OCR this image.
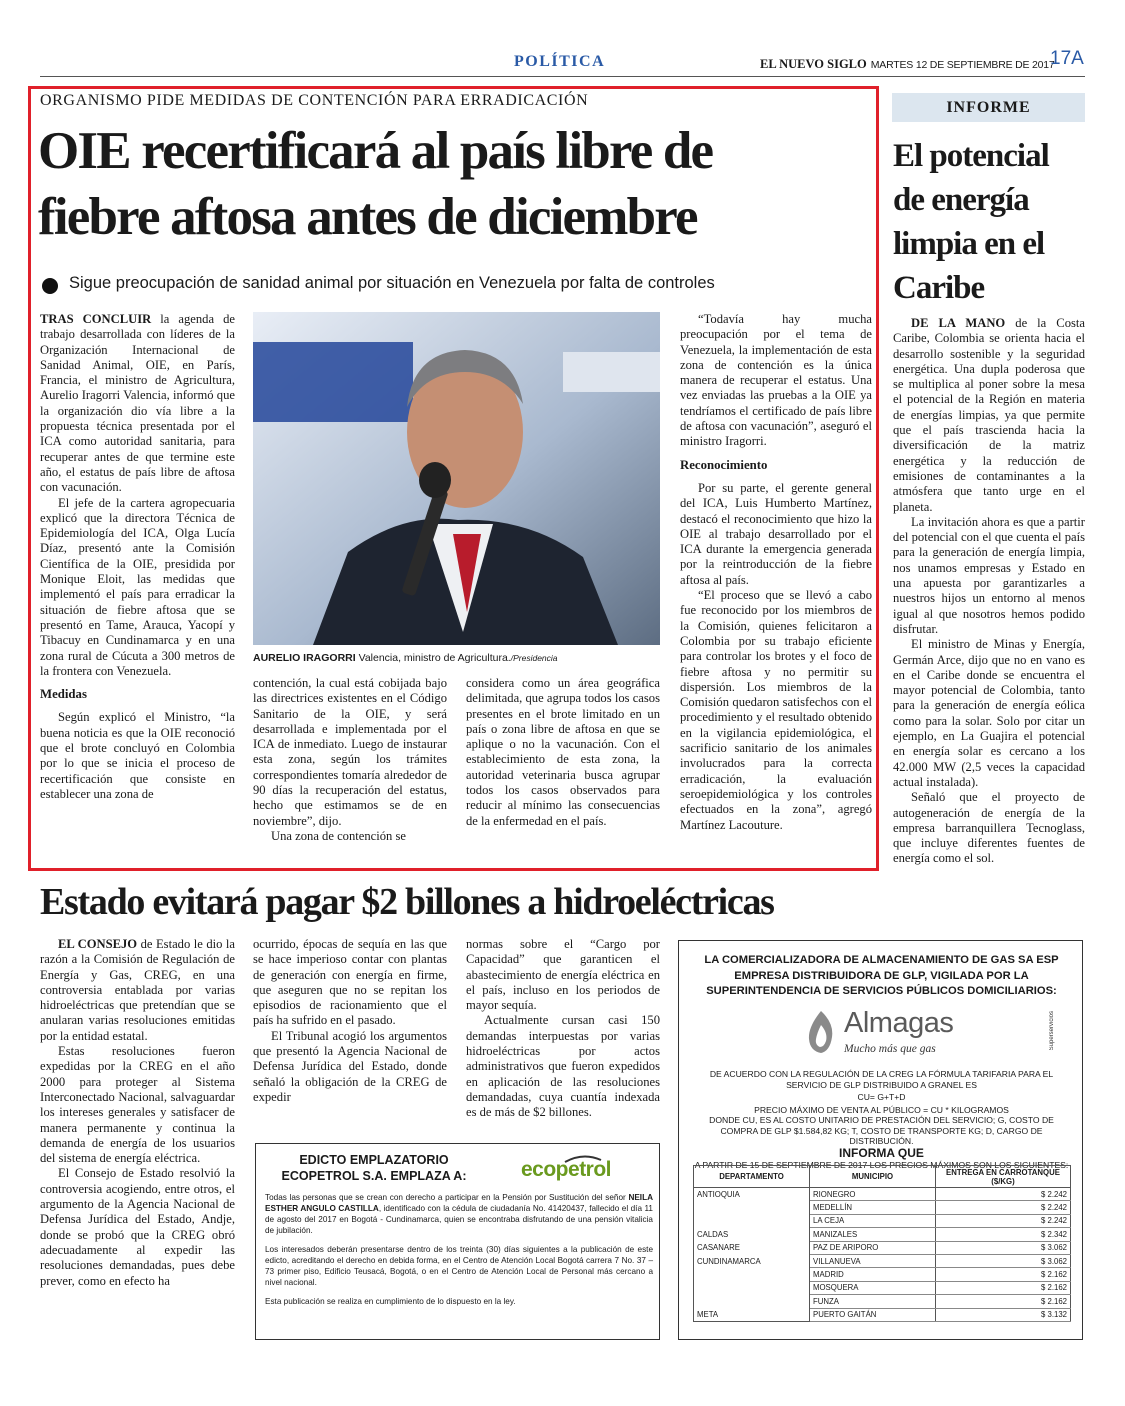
POLÍTICA	EL NUEVO SIGLO MARTES 12 DE SEPTIEMBRE DE 2017
17A
ORGANISMO PIDE MEDIDAS DE CONTENCIÓN PARA ERRADICACIÓN
OIE recertificará al país libre de
fiebre aftosa antes de diciembre
Sigue preocupación de sanidad animal por situación en Venezuela por falta de controles

TRAS CONCLUIR la agenda de trabajo desarrollada con líderes de la Organización Internacional de Sanidad Animal, OIE, en París, Francia, el ministro de Agricultura, Aurelio Iragorri Valencia, informó que la organización dio vía libre a la propuesta técnica presentada por el ICA como autoridad sanitaria, para recuperar antes de que termine este año, el estatus de país libre de aftosa con vacunación.

El jefe de la cartera agropecuaria explicó que la directora Técnica de Epidemiología del ICA, Olga Lucía Díaz, presentó ante la Comisión Científica de la OIE, presidida por Monique Eloit, las medidas que implementó el país para erradicar la situación de fiebre aftosa que se presentó en Tame, Arauca, Yacopí y Tibacuy en Cundinamarca y en una zona rural de Cúcuta a 300 metros de la frontera con Venezuela.

Medidas

Según explicó el Ministro, “la buena noticia es que la OIE reconoció que el brote concluyó en Colombia por lo que se inicia el proceso de recertificación que consiste en establecer una zona de

AURELIO IRAGORRI Valencia, ministro de Agricultura./Presidencia

contención, la cual está cobijada bajo las directrices existentes en el Código Sanitario de la OIE, y será desarrollada e implementada por el ICA de inmediato. Luego de instaurar esta zona, según los trámites correspondientes tomaría alrededor de 90 días la recuperación del estatus, hecho que estimamos se de en noviembre”, dijo.

Una zona de contención se

considera como un área geográfica delimitada, que agrupa todos los casos presentes en el brote limitado en un país o zona libre de aftosa en que se aplique o no la vacunación. Con el establecimiento de esta zona, la autoridad veterinaria busca agrupar todos los casos observados para reducir al mínimo las consecuencias de la enfermedad en el país.

“Todavía hay mucha preocupación por el tema de Venezuela, la implementación de esta zona de contención es la única manera de recuperar el estatus. Una vez enviadas las pruebas a la OIE ya tendríamos el certificado de país libre de aftosa con vacunación”, aseguró el ministro Iragorri.

Reconocimiento

Por su parte, el gerente general del ICA, Luis Humberto Martínez, destacó el reconocimiento que hizo la OIE al trabajo desarrollado por el ICA durante la emergencia generada por la reintroducción de la fiebre aftosa al país.

“El proceso que se llevó a cabo fue reconocido por los miembros de la Comisión, quienes felicitaron a Colombia por su trabajo eficiente para controlar los brotes y el foco de fiebre aftosa y no permitir su dispersión. Los miembros de la Comisión quedaron satisfechos con el procedimiento y el resultado obtenido en la vigilancia epidemiológica, el sacrificio sanitario de los animales involucrados para la correcta erradicación, la evaluación seroepidemiológica y los controles efectuados en la zona”, agregó Martínez Lacouture.

INFORME
El potencial de energía limpia en el Caribe

DE LA MANO de la Costa Caribe, Colombia se orienta hacia el desarrollo sostenible y la seguridad energética. Una dupla poderosa que se multiplica al poner sobre la mesa el potencial de la Región en materia de energías limpias, ya que permite que el país trascienda hacia la diversificación de la matriz energética y la reducción de emisiones de contaminantes a la atmósfera que tanto urge en el planeta.

La invitación ahora es que a partir del potencial con el que cuenta el país para la generación de energía limpia, nos unamos empresas y Estado en una apuesta por garantizarles a nuestros hijos un entorno al menos igual al que nosotros hemos podido disfrutar.

El ministro de Minas y Energía, Germán Arce, dijo que no en vano es en el Caribe donde se encuentra el mayor potencial de Colombia, tanto para la generación de energía eólica como para la solar. Solo por citar un ejemplo, en La Guajira el potencial en energía solar es cercano a los 42.000 MW (2,5 veces la capacidad actual instalada).

Señaló que el proyecto de autogeneración de energía de la empresa barranquillera Tecnoglass, que incluye diferentes fuentes de energía como el sol.

Estado evitará pagar $2 billones a hidroeléctricas

EL CONSEJO de Estado le dio la razón a la Comisión de Regulación de Energía y Gas, CREG, en una controversia entablada por varias hidroeléctricas que pretendían que se anularan varias resoluciones emitidas por la entidad estatal.

Estas resoluciones fueron expedidas por la CREG en el año 2000 para proteger al Sistema Interconectado Nacional, salvaguardar los intereses generales y satisfacer de manera permanente y continua la demanda de energía de los usuarios del sistema de energía eléctrica.

El Consejo de Estado resolvió la controversia acogiendo, entre otros, el argumento de la Agencia Nacional de Defensa Jurídica del Estado, Andje, donde se probó que la CREG obró adecuadamente al expedir las resoluciones demandadas, pues debe prever, como en efecto ha

ocurrido, épocas de sequía en las que se hace imperioso contar con plantas de generación con energía en firme, que aseguren que no se repitan los episodios de racionamiento que el país ha sufrido en el pasado.

El Tribunal acogió los argumentos que presentó la Agencia Nacional de Defensa Jurídica del Estado, donde señaló la obligación de la CREG de expedir

normas sobre el “Cargo por Capacidad” que garanticen el abastecimiento de energía eléctrica en el país, incluso en los periodos de mayor sequía.

Actualmente cursan casi 150 demandas interpuestas por varias hidroeléctricas por actos administrativos que fueron expedidos en aplicación de las resoluciones demandadas, cuya cuantía indexada es de más de $2 billones.

EDICTO EMPLAZATORIO
ECOPETROL S.A. EMPLAZA A:	ecopetrol

Todas las personas que se crean con derecho a participar en la Pensión por Sustitución del señor NEILA ESTHER ANGULO CASTILLA, identificado con la cédula de ciudadanía No. 41420437, fallecido el día 11 de agosto del 2017 en Bogotá - Cundinamarca, quien se encontraba disfrutando de una pensión vitalicia de jubilación.

Los interesados deberán presentarse dentro de los treinta (30) días siguientes a la publicación de este edicto, acreditando el derecho en debida forma, en el Centro de Atención Local Bogotá carrera 7 No. 37 – 73 primer piso, Edificio Teusacá, Bogotá, o en el Centro de Atención Local de Personal más cercano a nivel nacional.

Esta publicación se realiza en cumplimiento de lo dispuesto en la ley.

LA COMERCIALIZADORA DE ALMACENAMIENTO DE GAS SA ESP EMPRESA DISTRIBUIDORA DE GLP, VIGILADA POR LA SUPERINTENDENCIA DE SERVICIOS PÚBLICOS DOMICILIARIOS:
Almagas
Mucho más que gas	Superservicios
DE ACUERDO CON LA REGULACIÓN DE LA CREG LA FÓRMULA TARIFARIA PARA EL SERVICIO DE GLP DISTRIBUIDO A GRANEL ES
CU= G+T+D
PRECIO MÁXIMO DE VENTA AL PÚBLICO = CU * KILOGRAMOS
DONDE CU, ES AL COSTO UNITARIO DE PRESTACIÓN DEL SERVICIO; G, COSTO DE COMPRA DE GLP $1.584,82 KG; T, COSTO DE TRANSPORTE KG; D, CARGO DE DISTRIBUCIÓN.
INFORMA QUE
A PARTIR DE 15 DE SEPTIEMBRE DE 2017 LOS PRECIOS MÁXIMOS SON LOS SIGUIENTES:
DEPARTAMENTO	MUNICIPIO	ENTREGA EN CARROTANQUE ($/KG)
ANTIOQUIA	RIONEGRO	$ 2.242
	MEDELLÍN	$ 2.242
	LA CEJA	$ 2.242
CALDAS	MANIZALES	$ 2.342
CASANARE	PAZ DE ARIPORO	$ 3.062
CUNDINAMARCA	VILLANUEVA	$ 3.062
	MADRID	$ 2.162
	MOSQUERA	$ 2.162
	FUNZA	$ 2.162
META	PUERTO GAITÁN	$ 3.132
